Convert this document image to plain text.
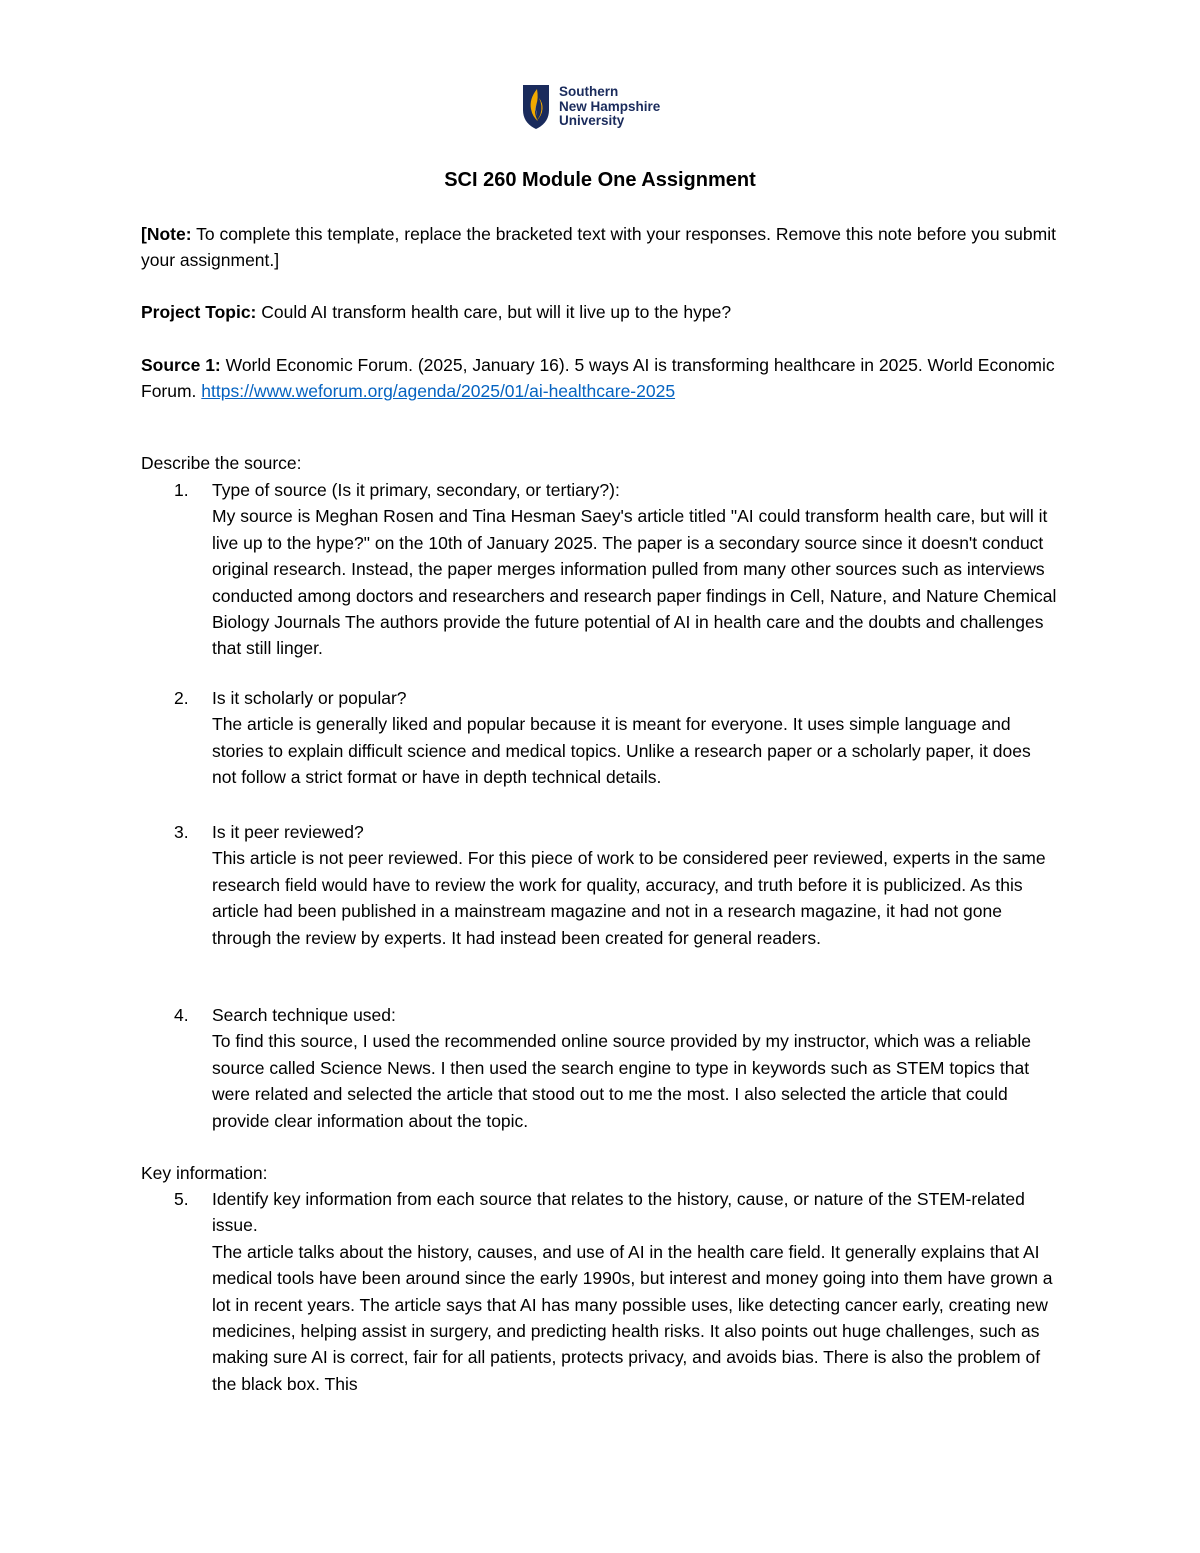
Southern
New Hampshire
University
SCI 260 Module One Assignment
[Note: To complete this template, replace the bracketed text with your responses. Remove this note before you submit your assignment.]
Project Topic: Could AI transform health care, but will it live up to the hype?
Source 1: World Economic Forum. (2025, January 16). 5 ways AI is transforming healthcare in 2025. World Economic Forum. https://www.weforum.org/agenda/2025/01/ai-healthcare-2025
Describe the source:
1. Type of source (Is it primary, secondary, or tertiary?):
My source is Meghan Rosen and Tina Hesman Saey's article titled "AI could transform health care, but will it live up to the hype?" on the 10th of January 2025. The paper is a secondary source since it doesn't conduct original research. Instead, the paper merges information pulled from many other sources such as interviews conducted among doctors and researchers and research paper findings in Cell, Nature, and Nature Chemical Biology Journals The authors provide the future potential of AI in health care and the doubts and challenges that still linger.
2. Is it scholarly or popular?
The article is generally liked and popular because it is meant for everyone. It uses simple language and stories to explain difficult science and medical topics. Unlike a research paper or a scholarly paper, it does not follow a strict format or have in depth technical details.
3. Is it peer reviewed?
This article is not peer reviewed. For this piece of work to be considered peer reviewed, experts in the same research field would have to review the work for quality, accuracy, and truth before it is publicized. As this article had been published in a mainstream magazine and not in a research magazine, it had not gone through the review by experts. It had instead been created for general readers.
4. Search technique used:
To find this source, I used the recommended online source provided by my instructor, which was a reliable source called Science News. I then used the search engine to type in keywords such as STEM topics that were related and selected the article that stood out to me the most. I also selected the article that could provide clear information about the topic.
Key information:
5. Identify key information from each source that relates to the history, cause, or nature of the STEM-related issue.
The article talks about the history, causes, and use of AI in the health care field. It generally explains that AI medical tools have been around since the early 1990s, but interest and money going into them have grown a lot in recent years. The article says that AI has many possible uses, like detecting cancer early, creating new medicines, helping assist in surgery, and predicting health risks. It also points out huge challenges, such as making sure AI is correct, fair for all patients, protects privacy, and avoids bias. There is also the problem of the black box. This
